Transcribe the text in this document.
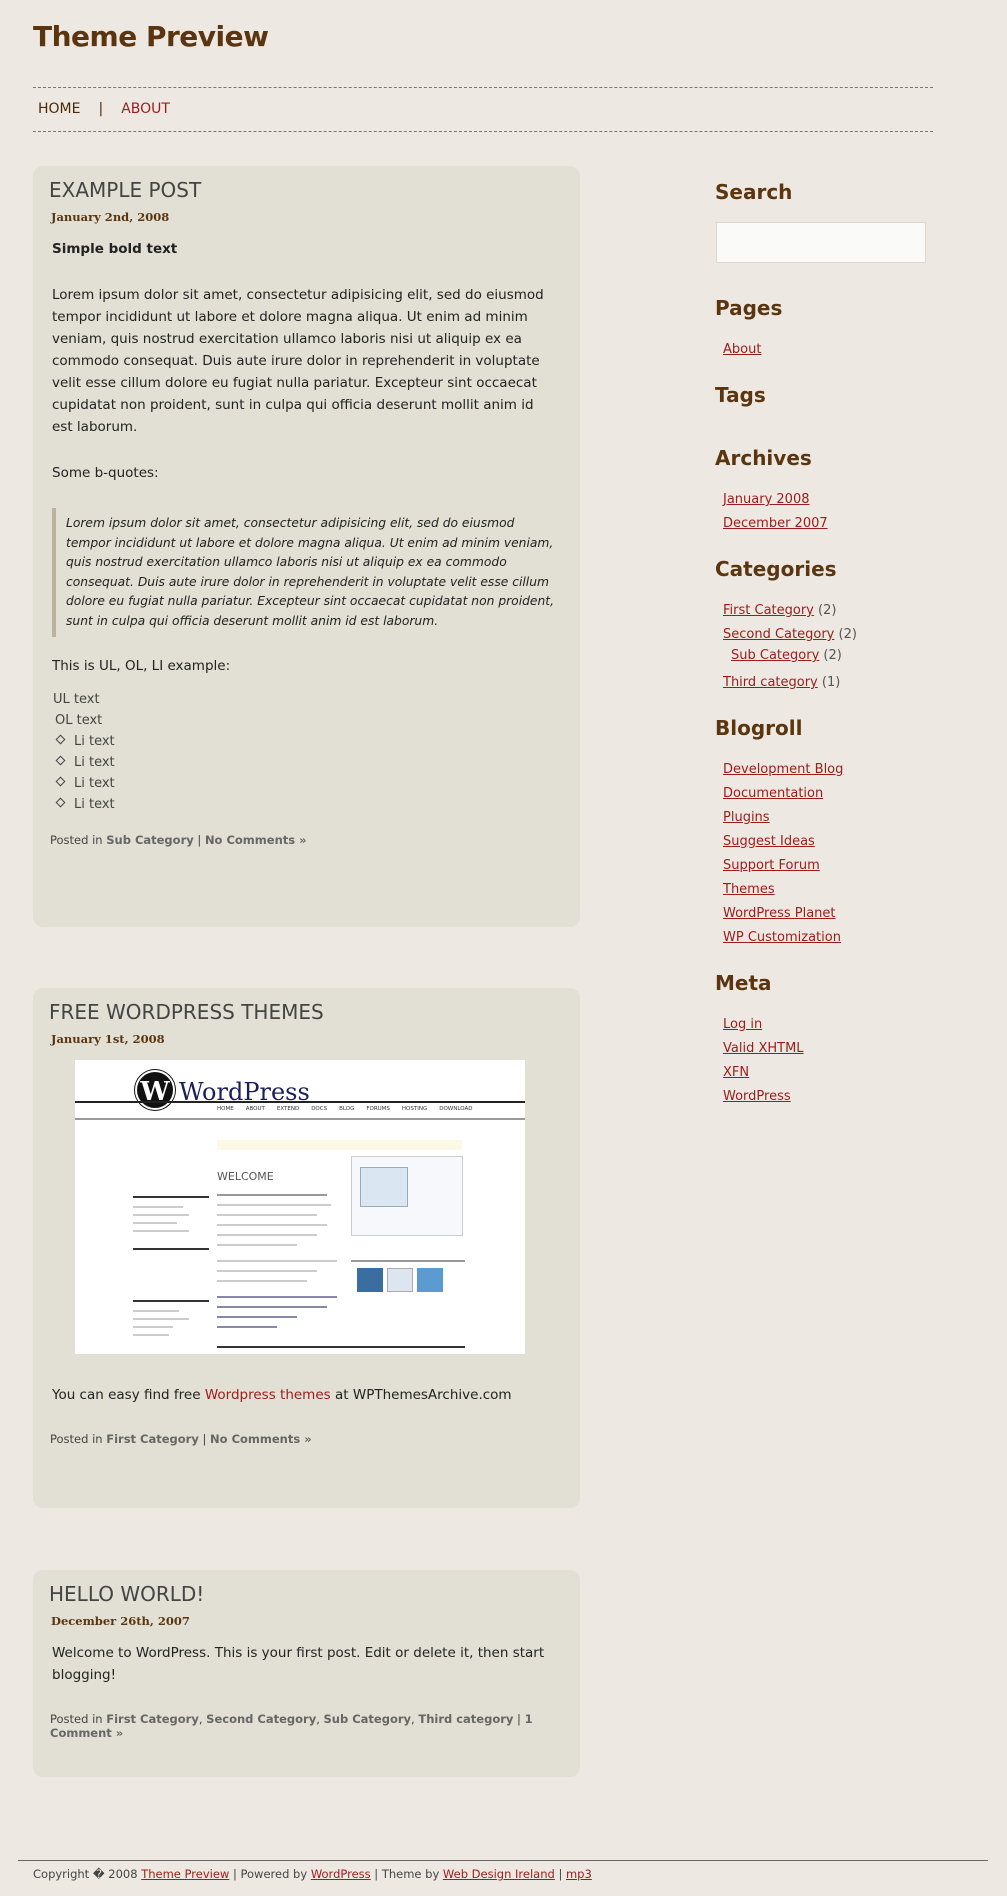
Theme Preview
HOME | ABOUT
EXAMPLE POST
January 2nd, 2008

Simple bold text

Lorem ipsum dolor sit amet, consectetur adipisicing elit, sed do eiusmod tempor incididunt ut labore et dolore magna aliqua. Ut enim ad minim veniam, quis nostrud exercitation ullamco laboris nisi ut aliquip ex ea commodo consequat. Duis aute irure dolor in reprehenderit in voluptate velit esse cillum dolore eu fugiat nulla pariatur. Excepteur sint occaecat cupidatat non proident, sunt in culpa qui officia deserunt mollit anim id est laborum.

Some b-quotes:

Lorem ipsum dolor sit amet, consectetur adipisicing elit, sed do eiusmod tempor incididunt ut labore et dolore magna aliqua. Ut enim ad minim veniam, quis nostrud exercitation ullamco laboris nisi ut aliquip ex ea commodo consequat. Duis aute irure dolor in reprehenderit in voluptate velit esse cillum dolore eu fugiat nulla pariatur. Excepteur sint occaecat cupidatat non proident, sunt in culpa qui officia deserunt mollit anim id est laborum.

This is UL, OL, LI example:

UL text
OL text
Li text
Li text
Li text
Li text
Posted in Sub Category | No Comments »
FREE WORDPRESS THEMES
January 1st, 2008
W WordPress
HOME ABOUT EXTEND DOCS BLOG FORUMS HOSTING DOWNLOAD
WELCOME

You can easy find free Wordpress themes at WPThemesArchive.com

Posted in First Category | No Comments »
HELLO WORLD!
December 26th, 2007

Welcome to WordPress. This is your first post. Edit or delete it, then start blogging!

Posted in First Category, Second Category, Sub Category, Third category | 1 Comment »
Search
Pages
About
Tags
Archives
January 2008
December 2007
Categories
First Category (2)
Second Category (2)
Sub Category (2)
Third category (1)
Blogroll
Development Blog
Documentation
Plugins
Suggest Ideas
Support Forum
Themes
WordPress Planet
WP Customization
Meta
Log in
Valid XHTML
XFN
WordPress
Copyright � 2008 Theme Preview | Powered by WordPress | Theme by Web Design Ireland | mp3
